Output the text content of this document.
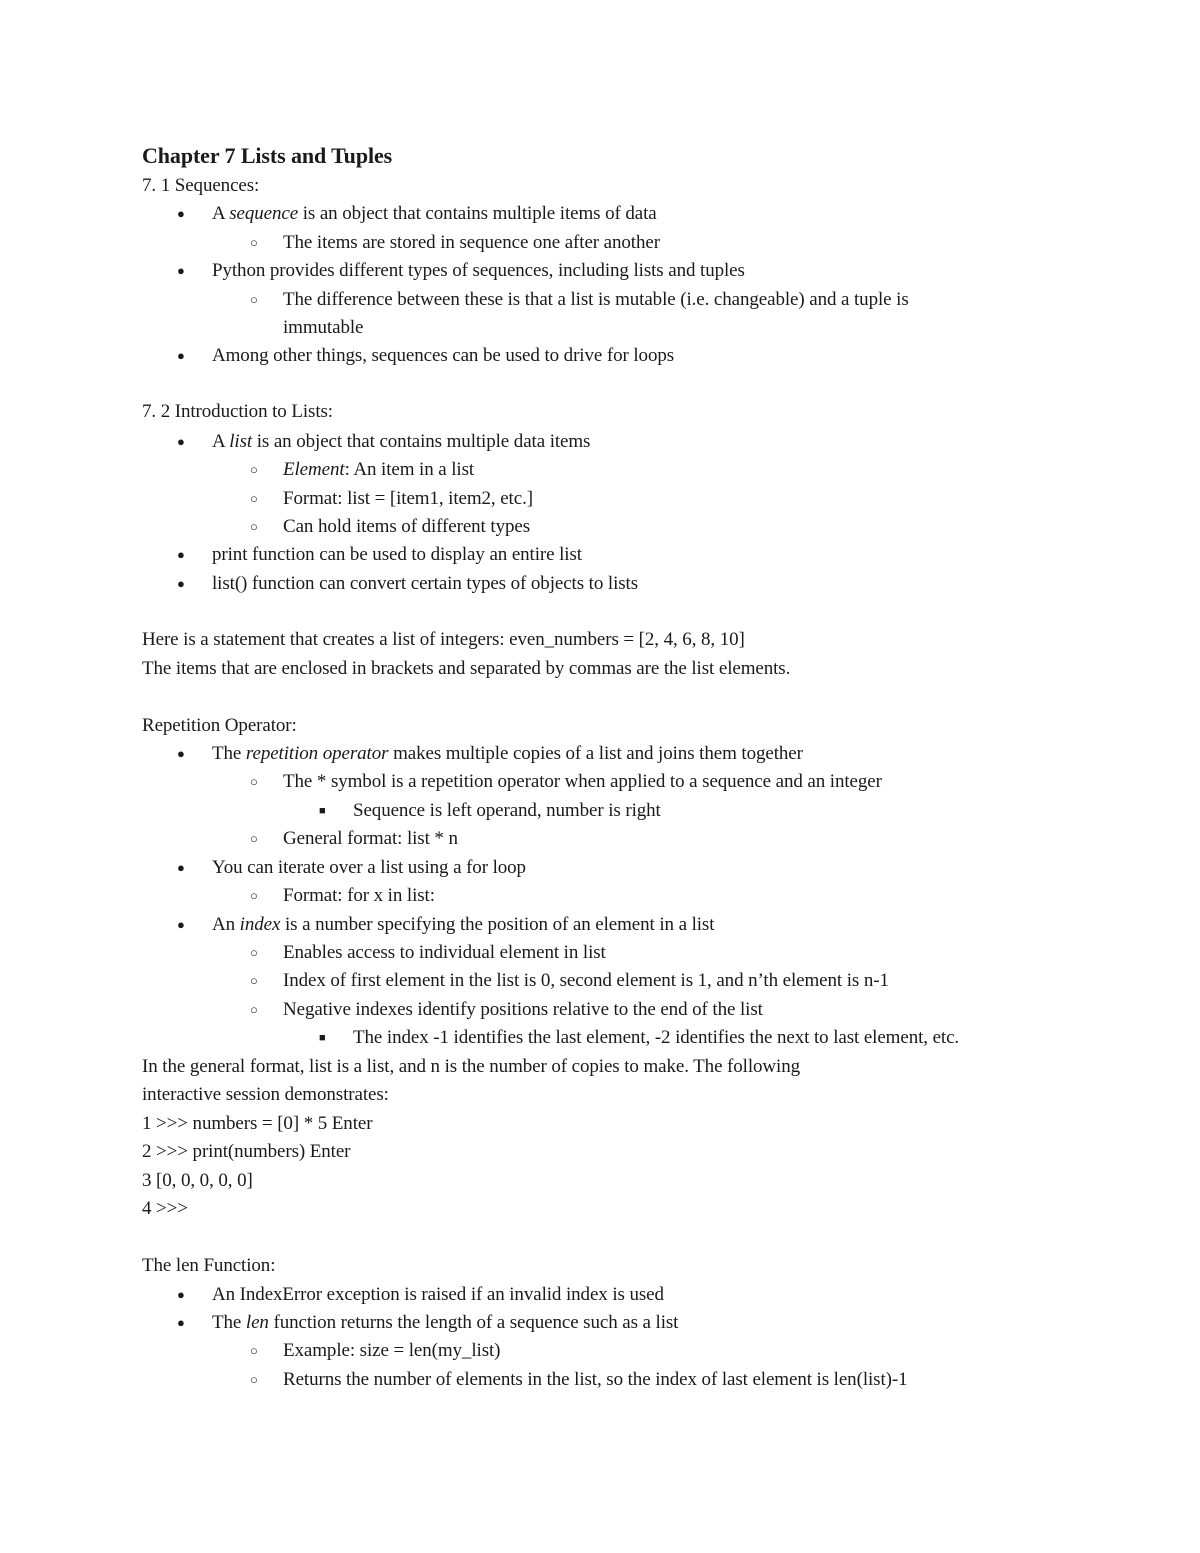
Chapter 7 Lists and Tuples
7. 1 Sequences:
● A sequence is an object that contains multiple items of data
○ The items are stored in sequence one after another
● Python provides different types of sequences, including lists and tuples
○ The difference between these is that a list is mutable (i.e. changeable) and a tuple is
immutable
● Among other things, sequences can be used to drive for loops
7. 2 Introduction to Lists:
● A list is an object that contains multiple data items
○ Element: An item in a list
○ Format: list = [item1, item2, etc.]
○ Can hold items of different types
● print function can be used to display an entire list
● list() function can convert certain types of objects to lists
Here is a statement that creates a list of integers: even_numbers = [2, 4, 6, 8, 10]
The items that are enclosed in brackets and separated by commas are the list elements.
Repetition Operator:
● The repetition operator makes multiple copies of a list and joins them together
○ The * symbol is a repetition operator when applied to a sequence and an integer
■ Sequence is left operand, number is right
○ General format: list * n
● You can iterate over a list using a for loop
○ Format: for x in list:
● An index is a number specifying the position of an element in a list
○ Enables access to individual element in list
○ Index of first element in the list is 0, second element is 1, and n’th element is n-1
○ Negative indexes identify positions relative to the end of the list
■ The index -1 identifies the last element, -2 identifies the next to last element, etc.
In the general format, list is a list, and n is the number of copies to make. The following
interactive session demonstrates:
1 >>> numbers = [0] * 5 Enter
2 >>> print(numbers) Enter
3 [0, 0, 0, 0, 0]
4 >>>
The len Function:
● An IndexError exception is raised if an invalid index is used
● The len function returns the length of a sequence such as a list
○ Example: size = len(my_list)
○ Returns the number of elements in the list, so the index of last element is len(list)-1
